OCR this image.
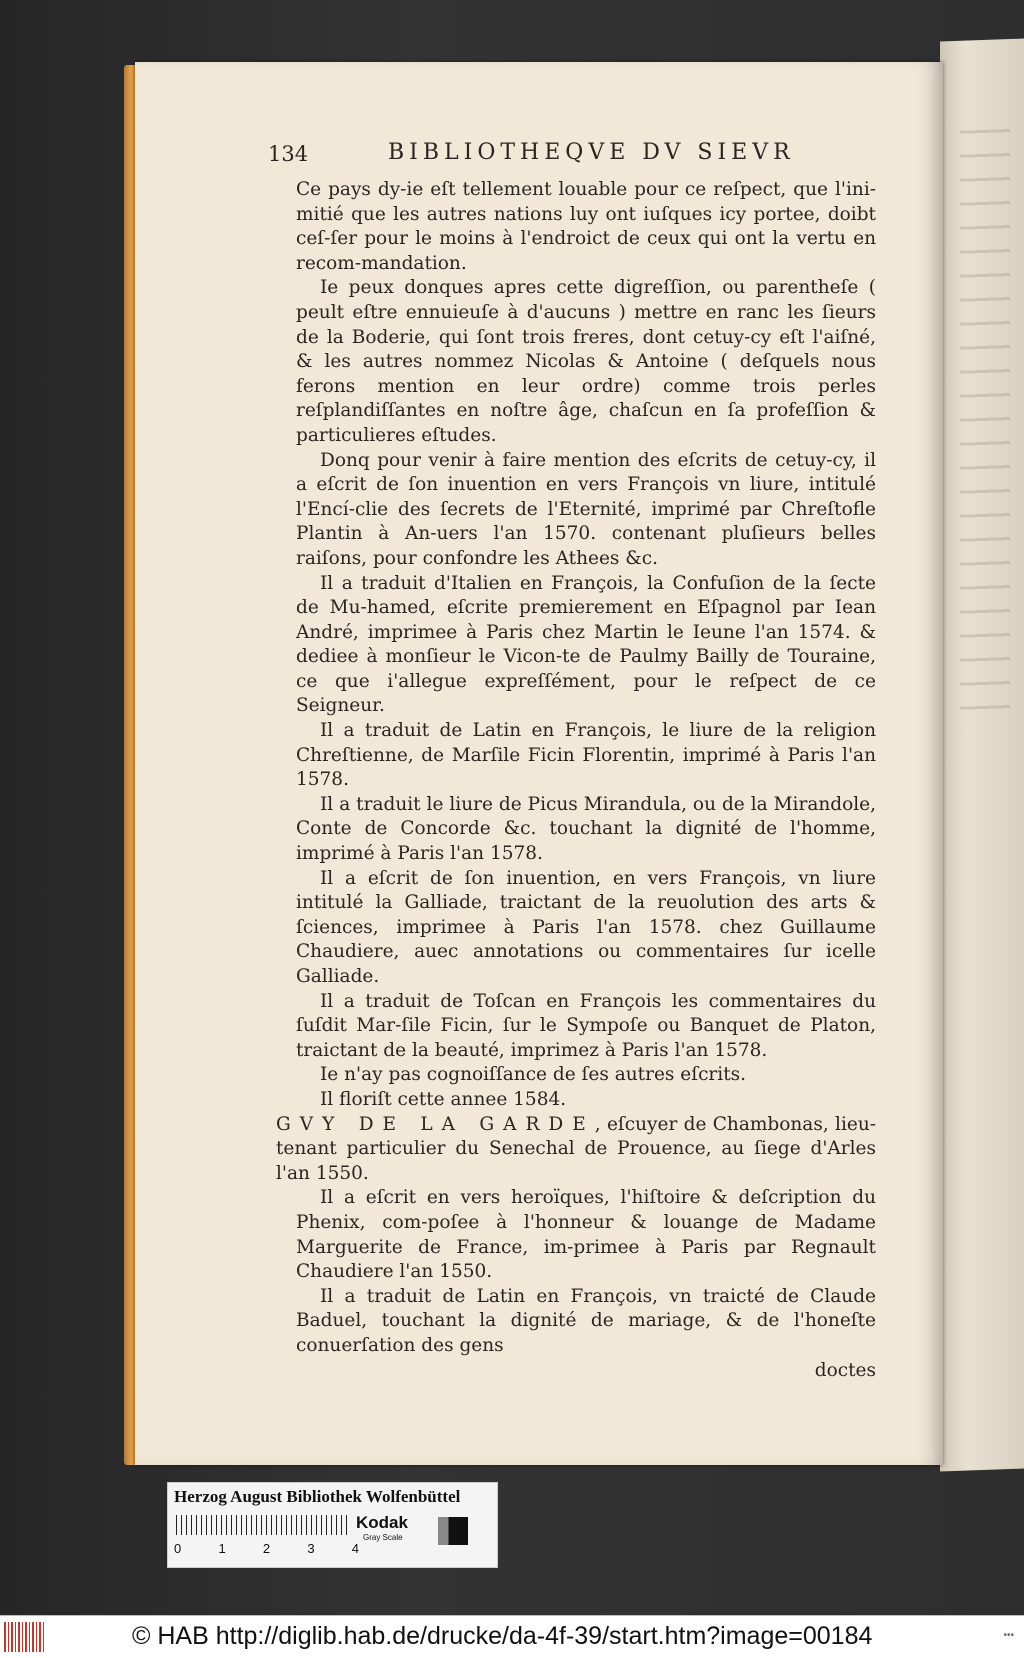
134	BIBLIOTHEQVE DV SIEVR

Ce pays dy-ie eſt tellement louable pour ce reſpect, que l'ini-mitié que les autres nations luy ont iuſques icy portee, doibt ceſ-ſer pour le moins à l'endroict de ceux qui ont la vertu en recom-mandation.

Ie peux donques apres cette digreſſion, ou parentheſe ( peult eſtre ennuieuſe à d'aucuns ) mettre en ranc les ſieurs de la Boderie, qui ſont trois freres, dont cetuy-cy eſt l'aiſné, & les autres nommez Nicolas & Antoine ( deſquels nous ferons mention en leur ordre) comme trois perles reſplandiſſantes en noſtre âge, chaſcun en ſa profeſſion & particulieres eſtudes.

Donq pour venir à faire mention des eſcrits de cetuy-cy, il a eſcrit de ſon inuention en vers François vn liure, intitulé l'Encí-clie des ſecrets de l'Eternité, imprimé par Chreſtofle Plantin à An-uers l'an 1570. contenant pluſieurs belles raiſons, pour confondre les Athees &c.

Il a traduit d'Italien en François, la Confuſion de la ſecte de Mu-hamed, eſcrite premierement en Eſpagnol par Iean André, imprimee à Paris chez Martin le Ieune l'an 1574. & dediee à monſieur le Vicon-te de Paulmy Bailly de Touraine, ce que i'allegue expreſſément, pour le reſpect de ce Seigneur.

Il a traduit de Latin en François, le liure de la religion Chreſtienne, de Marſile Ficin Florentin, imprimé à Paris l'an 1578.

Il a traduit le liure de Picus Mirandula, ou de la Mirandole, Conte de Concorde &c. touchant la dignité de l'homme, imprimé à Paris l'an 1578.

Il a eſcrit de ſon inuention, en vers François, vn liure intitulé la Galliade, traictant de la reuolution des arts & ſciences, imprimee à Paris l'an 1578. chez Guillaume Chaudiere, auec annotations ou commentaires ſur icelle Galliade.

Il a traduit de Toſcan en François les commentaires du ſuſdit Mar-ſile Ficin, ſur le Sympoſe ou Banquet de Platon, traictant de la beauté, imprimez à Paris l'an 1578.

Ie n'ay pas cognoiſſance de ſes autres eſcrits.

Il floriſt cette annee 1584.

GVY DE LA GARDE, eſcuyer de Chambonas, lieu-tenant particulier du Senechal de Prouence, au ſiege d'Arles l'an 1550.

Il a eſcrit en vers heroïques, l'hiſtoire & deſcription du Phenix, com-poſee à l'honneur & louange de Madame Marguerite de France, im-primee à Paris par Regnault Chaudiere l'an 1550.

Il a traduit de Latin en François, vn traicté de Claude Baduel, touchant la dignité de mariage, & de l'honeſte conuerſation des gens

doctes

Herzog August Bibliothek Wolfenbüttel
0	1	2	3	4
Kodak
Gray Scale
© HAB http://diglib.hab.de/drucke/da-4f-39/start.htm?image=00184	•••
